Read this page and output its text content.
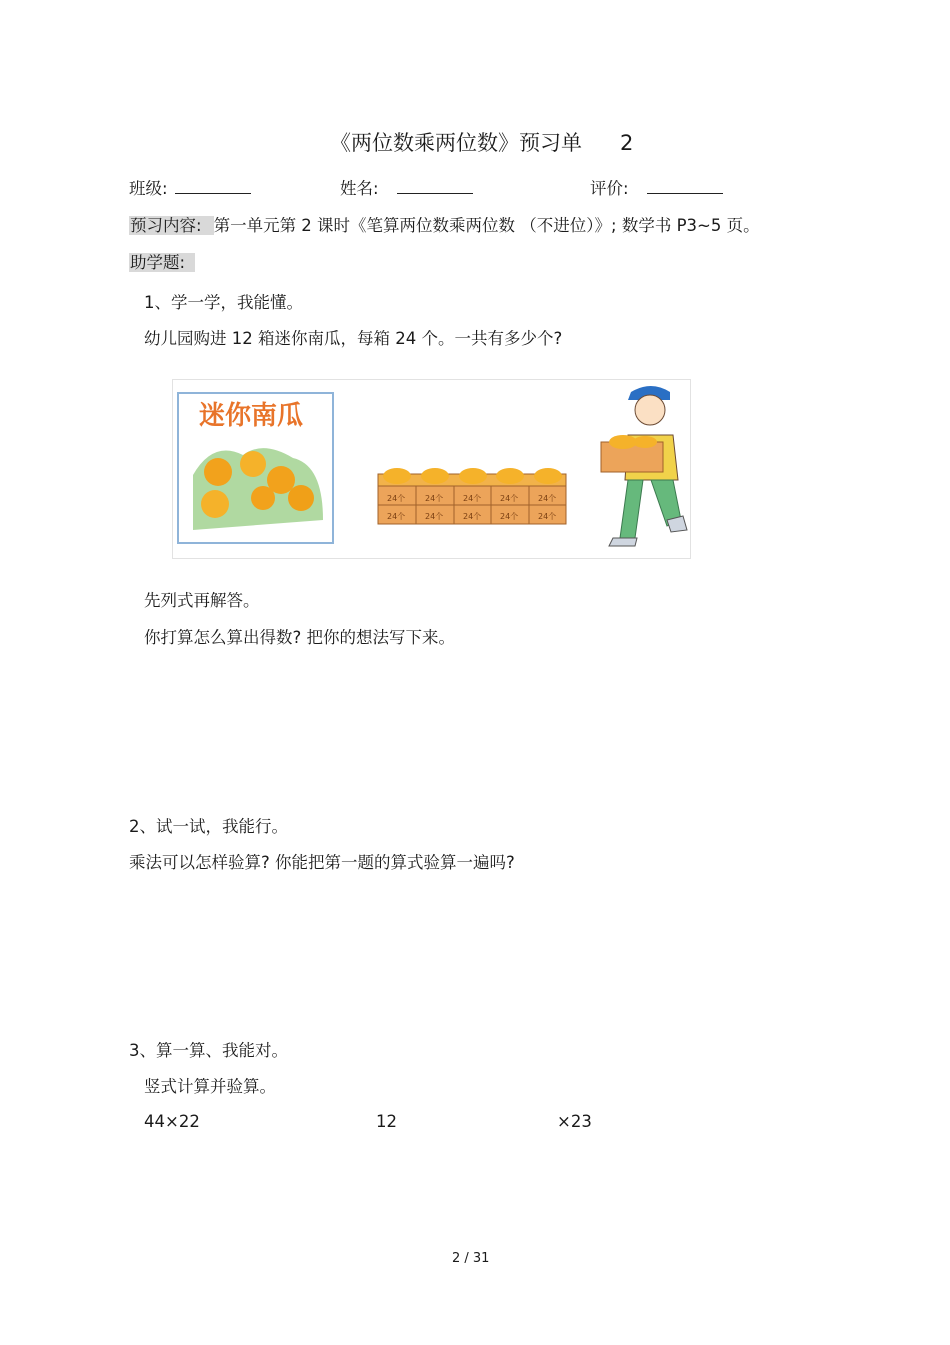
《两位数乘两位数》预习单 2
班级:	姓名:	评价:
预习内容: 第一单元第 2 课时《笔算两位数乘两位数 （不进位）》; 数学书 P3~5 页。
助学题:
1、学一学，我能懂。
幼儿园购进 12 箱迷你南瓜，每箱 24 个。一共有多少个?
迷你南瓜
24个 24个 24个 24个 24个
24个 24个 24个 24个 24个
先列式再解答。
你打算怎么算出得数? 把你的想法写下来。
2、试一试，我能行。
乘法可以怎样验算? 你能把第一题的算式验算一遍吗?
3、算一算、我能对。
竖式计算并验算。
44×22	12	×23
2 / 31
